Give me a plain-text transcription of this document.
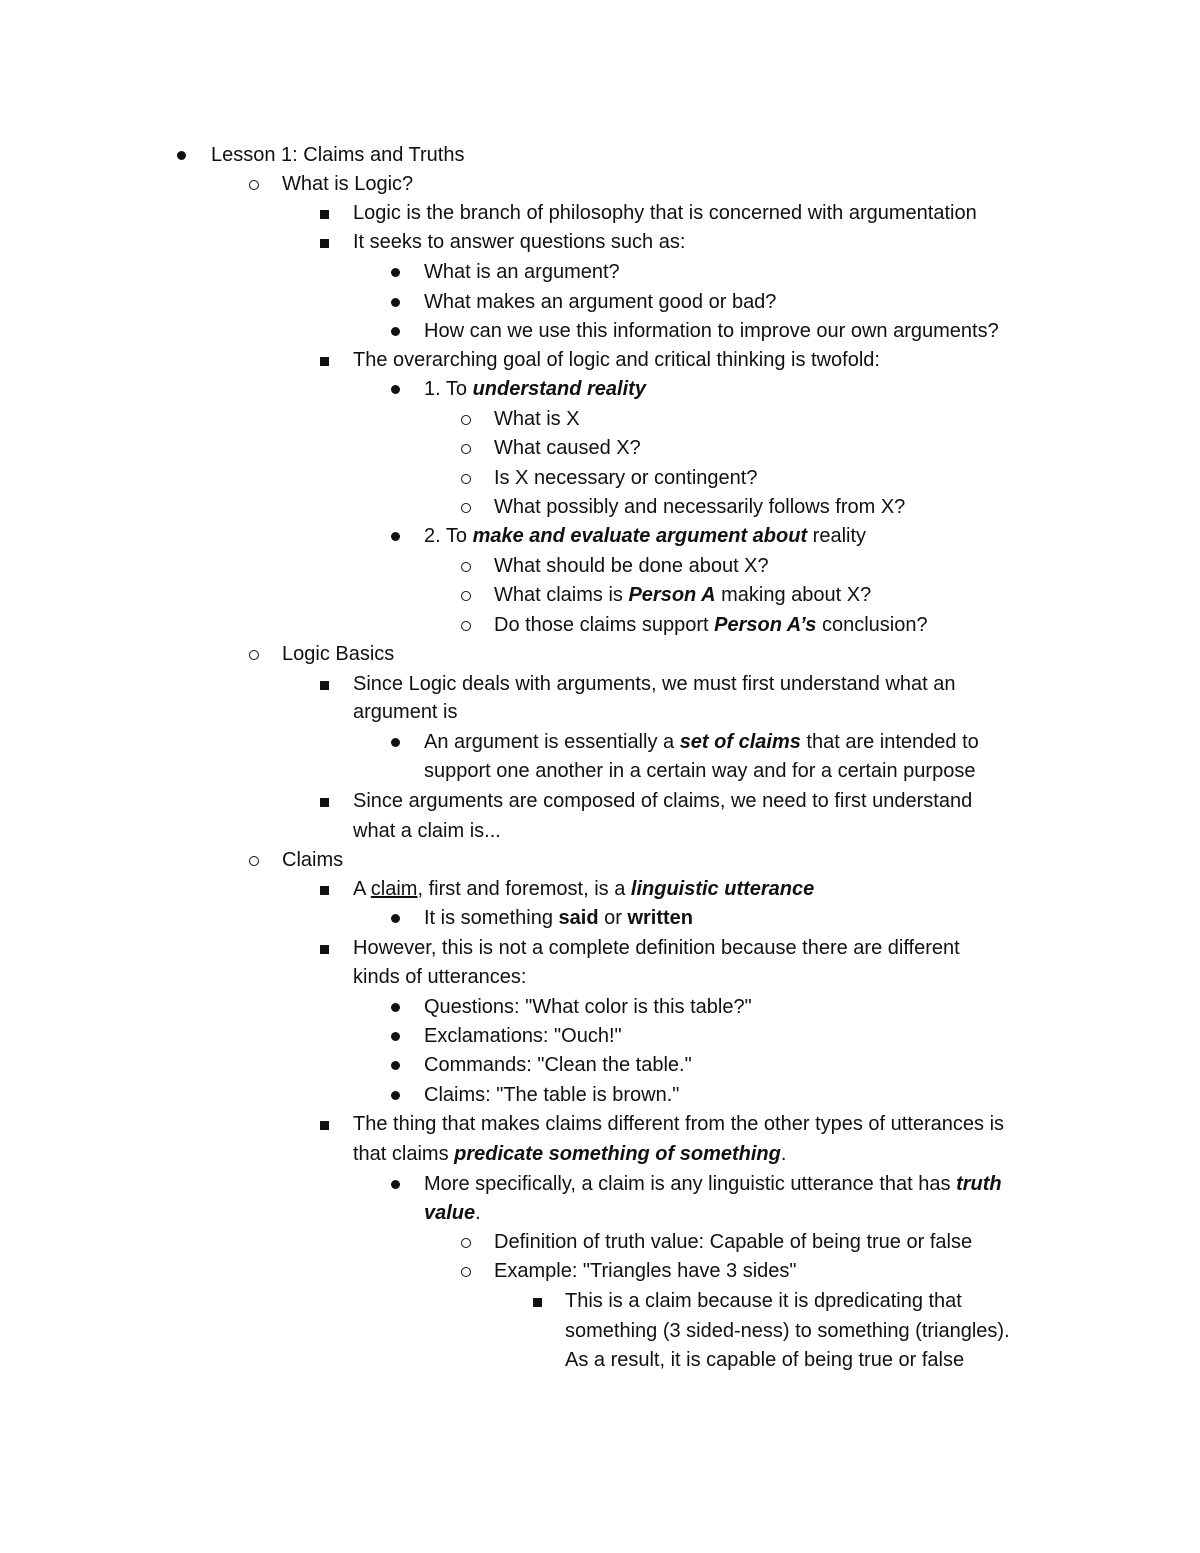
Lesson 1: Claims and Truths
What is Logic?
Logic is the branch of philosophy that is concerned with argumentation
It seeks to answer questions such as:
What is an argument?
What makes an argument good or bad?
How can we use this information to improve our own arguments?
The overarching goal of logic and critical thinking is twofold:
1. To understand reality
What is X
What caused X?
Is X necessary or contingent?
What possibly and necessarily follows from X?
2. To make and evaluate argument about reality
What should be done about X?
What claims is Person A making about X?
Do those claims support Person A’s conclusion?
Logic Basics
Since Logic deals with arguments, we must first understand what an
argument is
An argument is essentially a set of claims that are intended to
support one another in a certain way and for a certain purpose
Since arguments are composed of claims, we need to first understand
what a claim is...
Claims
A claim, first and foremost, is a linguistic utterance
It is something said or written
However, this is not a complete definition because there are different
kinds of utterances:
Questions: "What color is this table?"
Exclamations: "Ouch!"
Commands: "Clean the table."
Claims: "The table is brown."
The thing that makes claims different from the other types of utterances is
that claims predicate something of something.
More specifically, a claim is any linguistic utterance that has truth
value.
Definition of truth value: Capable of being true or false
Example: "Triangles have 3 sides"
This is a claim because it is dpredicating that
something (3 sided-ness) to something (triangles).
As a result, it is capable of being true or false
